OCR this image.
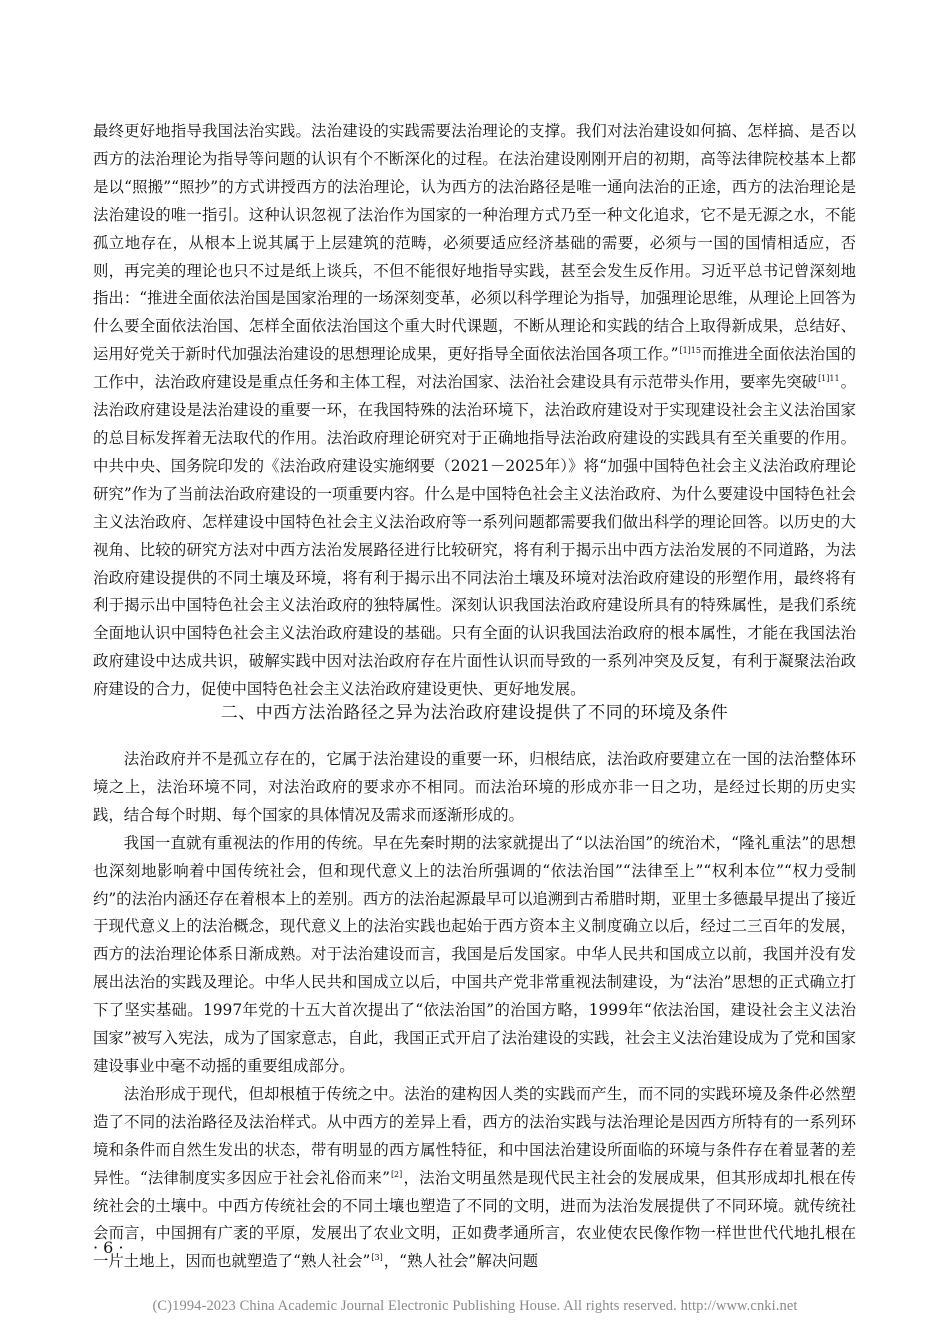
最终更好地指导我国法治实践。法治建设的实践需要法治理论的支撑。我们对法治建设如何搞、怎样搞、是否以西方的法治理论为指导等问题的认识有个不断深化的过程。在法治建设刚刚开启的初期，高等法律院校基本上都是以“照搬”“照抄”的方式讲授西方的法治理论，认为西方的法治路径是唯一通向法治的正途，西方的法治理论是法治建设的唯一指引。这种认识忽视了法治作为国家的一种治理方式乃至一种文化追求，它不是无源之水，不能孤立地存在，从根本上说其属于上层建筑的范畴，必须要适应经济基础的需要，必须与一国的国情相适应，否则，再完美的理论也只不过是纸上谈兵，不但不能很好地指导实践，甚至会发生反作用。习近平总书记曾深刻地指出：“推进全面依法治国是国家治理的一场深刻变革，必须以科学理论为指导，加强理论思维，从理论上回答为什么要全面依法治国、怎样全面依法治国这个重大时代课题，不断从理论和实践的结合上取得新成果，总结好、运用好党关于新时代加强法治建设的思想理论成果，更好指导全面依法治国各项工作。”$^{[1]15}$而推进全面依法治国的工作中，法治政府建设是重点任务和主体工程，对法治国家、法治社会建设具有示范带头作用，要率先突破$^{[1]11}$。法治政府建设是法治建设的重要一环，在我国特殊的法治环境下，法治政府建设对于实现建设社会主义法治国家的总目标发挥着无法取代的作用。法治政府理论研究对于正确地指导法治政府建设的实践具有至关重要的作用。中共中央、国务院印发的《法治政府建设实施纲要（2021－2025年）》将“加强中国特色社会主义法治政府理论研究”作为了当前法治政府建设的一项重要内容。什么是中国特色社会主义法治政府、为什么要建设中国特色社会主义法治政府、怎样建设中国特色社会主义法治政府等一系列问题都需要我们做出科学的理论回答。以历史的大视角、比较的研究方法对中西方法治发展路径进行比较研究，将有利于揭示出中西方法治发展的不同道路，为法治政府建设提供的不同土壤及环境，将有利于揭示出不同法治土壤及环境对法治政府建设的形塑作用，最终将有利于揭示出中国特色社会主义法治政府的独特属性。深刻认识我国法治政府建设所具有的特殊属性，是我们系统全面地认识中国特色社会主义法治政府建设的基础。只有全面的认识我国法治政府的根本属性，才能在我国法治政府建设中达成共识，破解实践中因对法治政府存在片面性认识而导致的一系列冲突及反复，有利于凝聚法治政府建设的合力，促使中国特色社会主义法治政府建设更快、更好地发展。

二、中西方法治路径之异为法治政府建设提供了不同的环境及条件

法治政府并不是孤立存在的，它属于法治建设的重要一环，归根结底，法治政府要建立在一国的法治整体环境之上，法治环境不同，对法治政府的要求亦不相同。而法治环境的形成亦非一日之功，是经过长期的历史实践，结合每个时期、每个国家的具体情况及需求而逐渐形成的。

我国一直就有重视法的作用的传统。早在先秦时期的法家就提出了“以法治国”的统治术，“隆礼重法”的思想也深刻地影响着中国传统社会，但和现代意义上的法治所强调的“依法治国”“法律至上”“权利本位”“权力受制约”的法治内涵还存在着根本上的差别。西方的法治起源最早可以追溯到古希腊时期，亚里士多德最早提出了接近于现代意义上的法治概念，现代意义上的法治实践也起始于西方资本主义制度确立以后，经过二三百年的发展，西方的法治理论体系日渐成熟。对于法治建设而言，我国是后发国家。中华人民共和国成立以前，我国并没有发展出法治的实践及理论。中华人民共和国成立以后，中国共产党非常重视法制建设，为“法治”思想的正式确立打下了坚实基础。1997年党的十五大首次提出了“依法治国”的治国方略，1999年“依法治国，建设社会主义法治国家”被写入宪法，成为了国家意志，自此，我国正式开启了法治建设的实践，社会主义法治建设成为了党和国家建设事业中毫不动摇的重要组成部分。

法治形成于现代，但却根植于传统之中。法治的建构因人类的实践而产生，而不同的实践环境及条件必然塑造了不同的法治路径及法治样式。从中西方的差异上看，西方的法治实践与法治理论是因西方所特有的一系列环境和条件而自然生发出的状态，带有明显的西方属性特征，和中国法治建设所面临的环境与条件存在着显著的差异性。“法律制度实多因应于社会礼俗而来”[2]，法治文明虽然是现代民主社会的发展成果，但其形成却扎根在传统社会的土壤中。中西方传统社会的不同土壤也塑造了不同的文明，进而为法治发展提供了不同环境。就传统社会而言，中国拥有广袤的平原，发展出了农业文明，正如费孝通所言，农业使农民像作物一样世世代代地扎根在一片土地上，因而也就塑造了“熟人社会”[3]，“熟人社会”解决问题

· 6 ·
(C)1994-2023 China Academic Journal Electronic Publishing House. All rights reserved. http://www.cnki.net
